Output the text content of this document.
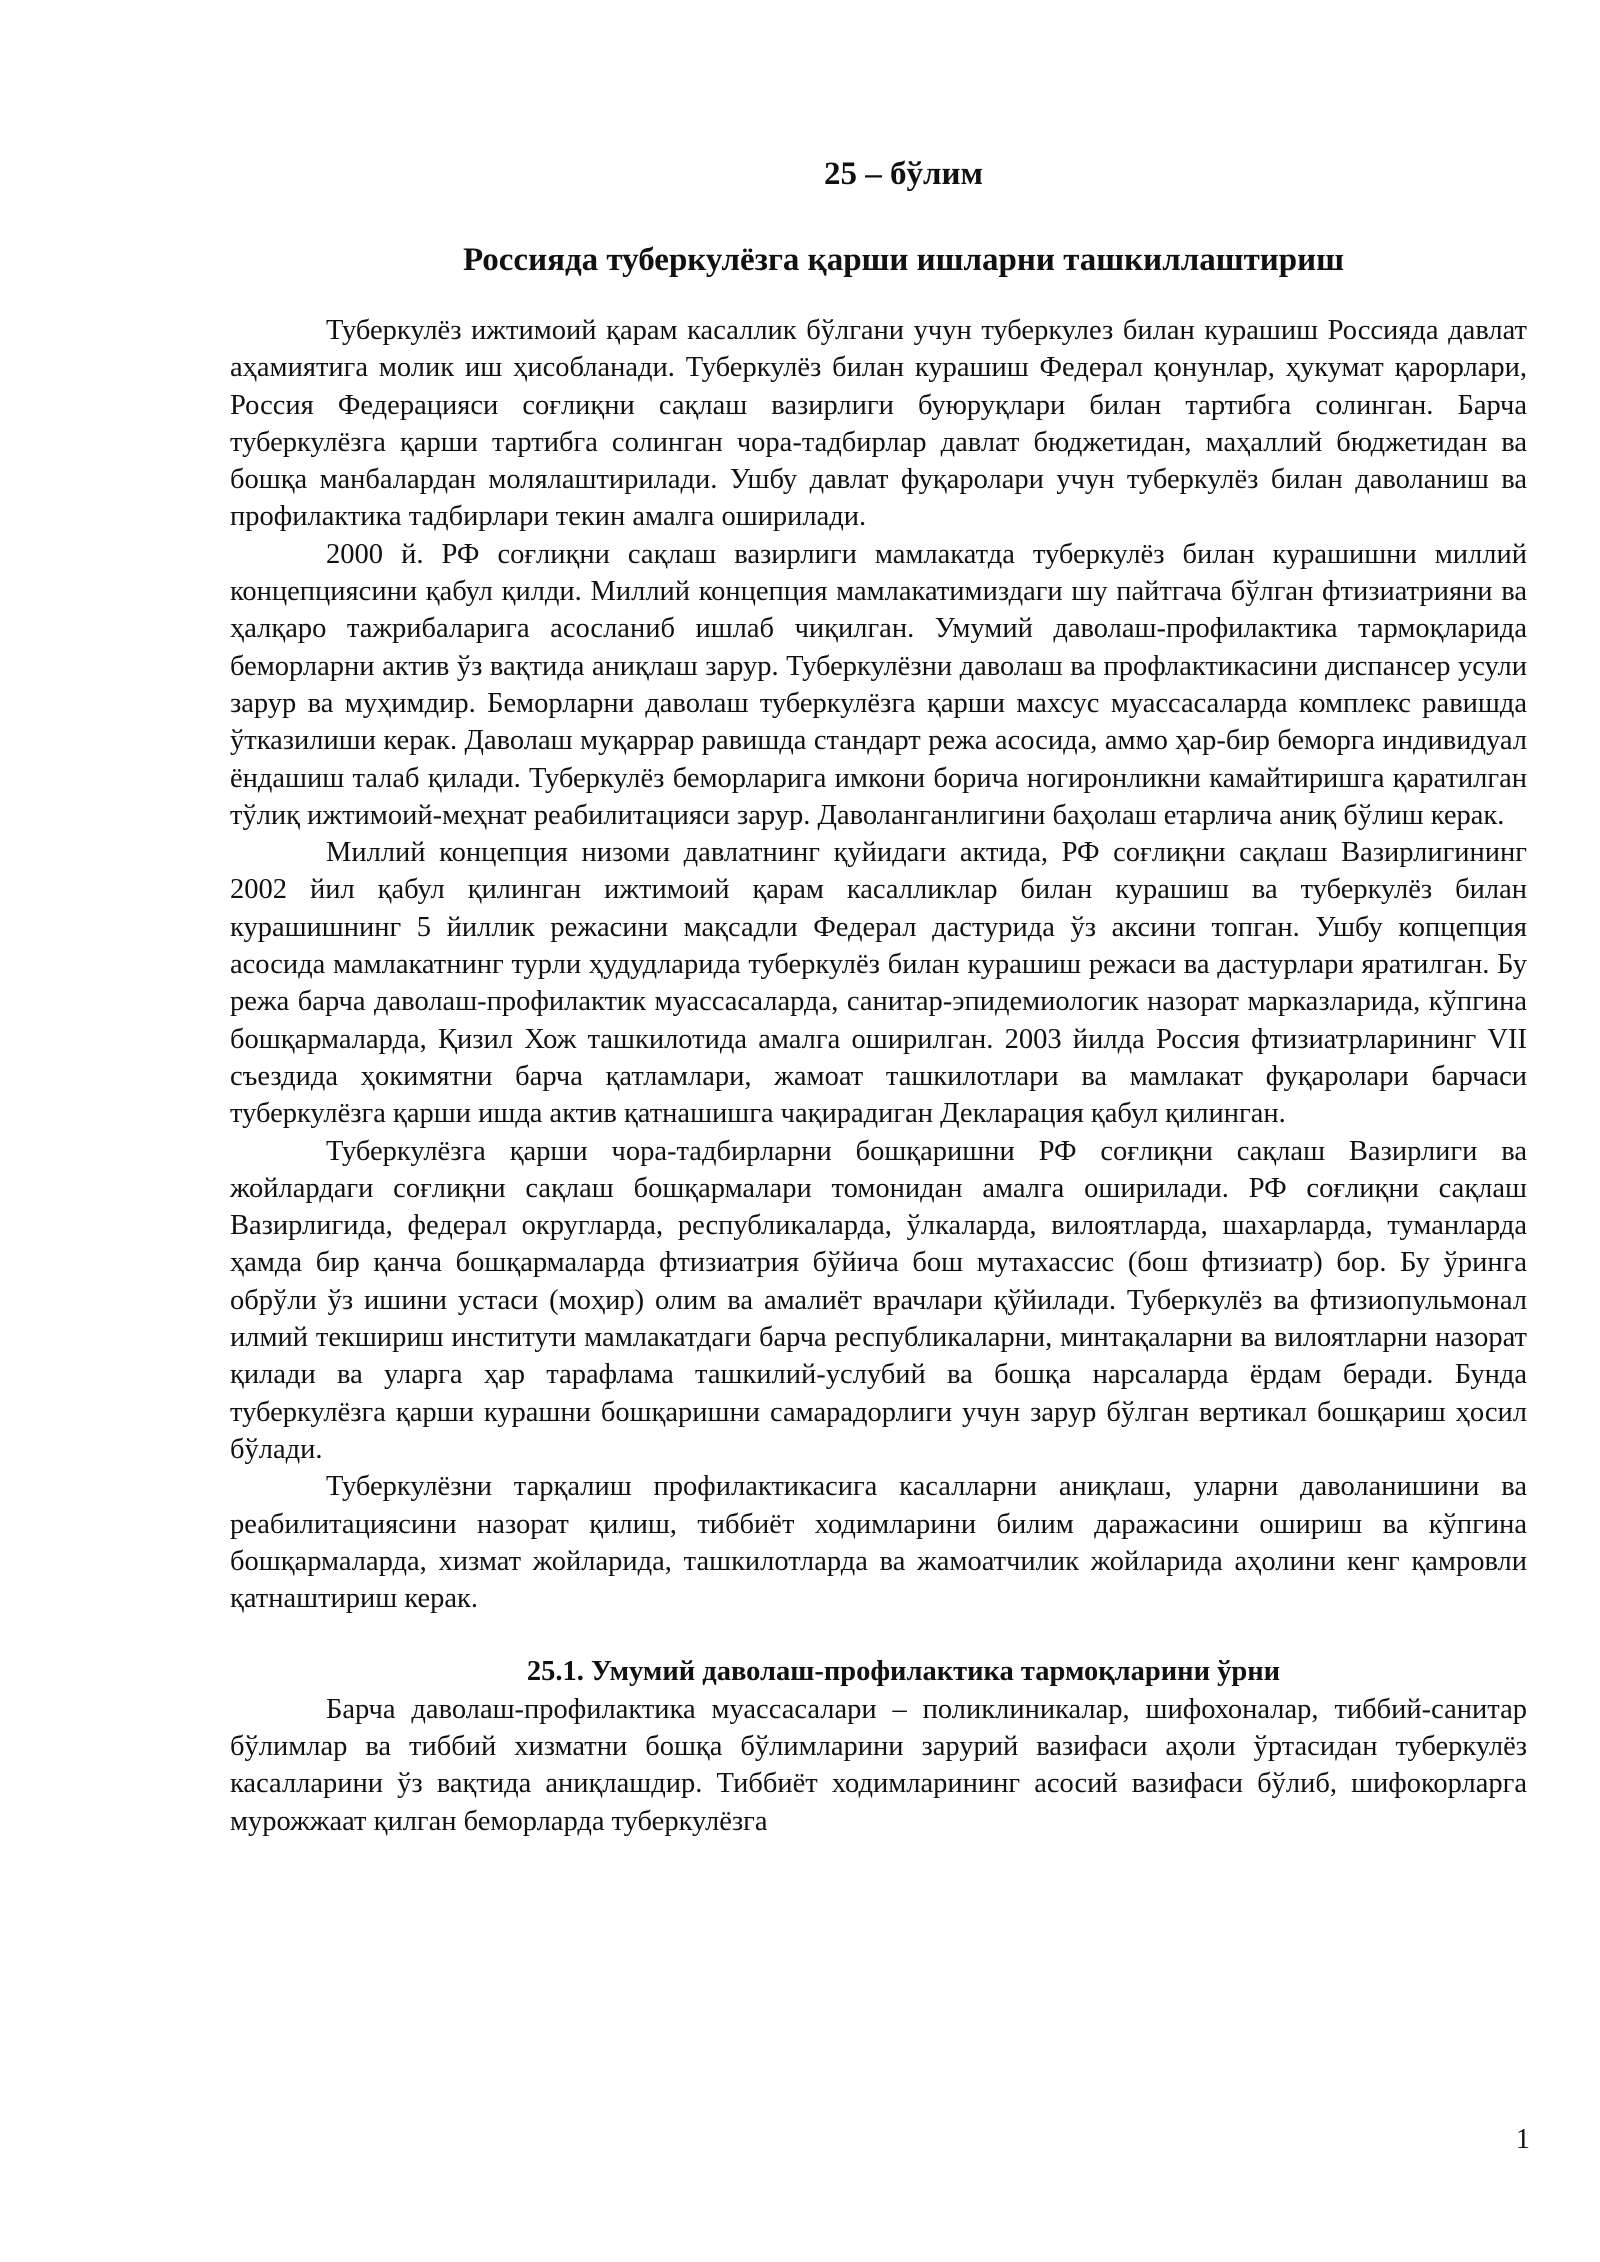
25 – бўлим
Россияда туберкулёзга қарши ишларни ташкиллаштириш

Туберкулёз ижтимоий қарам касаллик бўлгани учун туберкулез билан курашиш Россияда давлат аҳамиятига молик иш ҳисобланади. Туберкулёз билан курашиш Федерал қонунлар, ҳукумат қарорлари, Россия Федерацияси соғлиқни сақлаш вазирлиги буюруқлари билан тартибга солинган. Барча туберкулёзга қарши тартибга солинган чора-тадбирлар давлат бюджетидан, маҳаллий бюджетидан ва бошқа манбалардан молялаштирилади. Ушбу давлат фуқаролари учун туберкулёз билан даволаниш ва профилактика тадбирлари текин амалга оширилади.

2000 й. РФ соғлиқни сақлаш вазирлиги мамлакатда туберкулёз билан курашишни миллий концепциясини қабул қилди. Миллий концепция мамлакатимиздаги шу пайтгача бўлган фтизиатрияни ва ҳалқаро тажрибаларига асосланиб ишлаб чиқилган. Умумий даволаш-профилактика тармоқларида беморларни актив ўз вақтида аниқлаш зарур. Туберкулёзни даволаш ва профлактикасини диспансер усули зарур ва муҳимдир. Беморларни даволаш туберкулёзга қарши махсус муассасаларда комплекс равишда ўтказилиши керак. Даволаш муқаррар равишда стандарт режа асосида, аммо ҳар-бир беморга индивидуал ёндашиш талаб қилади. Туберкулёз беморларига имкони борича ногиронликни камайтиришга қаратилган тўлиқ ижтимоий-меҳнат реабилитацияси зарур. Даволанганлигини баҳолаш етарлича аниқ бўлиш керак.

Миллий концепция низоми давлатнинг қуйидаги актида, РФ соғлиқни сақлаш Вазирлигининг 2002 йил қабул қилинган ижтимоий қарам касалликлар билан курашиш ва туберкулёз билан курашишнинг 5 йиллик режасини мақсадли Федерал дастурида ўз аксини топган. Ушбу копцепция асосида мамлакатнинг турли ҳудудларида туберкулёз билан курашиш режаси ва дастурлари яратилган. Бу режа барча даволаш-профилактик муассасаларда, санитар-эпидемиологик назорат марказларида, кўпгина бошқармаларда, Қизил Хож ташкилотида амалга оширилган. 2003 йилда Россия фтизиатрларининг VII съездида ҳокимятни барча қатламлари, жамоат ташкилотлари ва мамлакат фуқаролари барчаси туберкулёзга қарши ишда актив қатнашишга чақирадиган Декларация қабул қилинган.

Туберкулёзга қарши чора-тадбирларни бошқаришни РФ соғлиқни сақлаш Вазирлиги ва жойлардаги соғлиқни сақлаш бошқармалари томонидан амалга оширилади. РФ соғлиқни сақлаш Вазирлигида, федерал округларда, республикаларда, ўлкаларда, вилоятларда, шахарларда, туманларда ҳамда бир қанча бошқармаларда фтизиатрия бўйича бош мутахассис (бош фтизиатр) бор. Бу ўринга обрўли ўз ишини устаси (моҳир) олим ва амалиёт врачлари қўйилади. Туберкулёз ва фтизиопульмонал илмий текшириш институти мамлакатдаги барча республикаларни, минтақаларни ва вилоятларни назорат қилади ва уларга ҳар тарафлама ташкилий-услубий ва бошқа нарсаларда ёрдам беради. Бунда туберкулёзга қарши курашни бошқаришни самарадорлиги учун зарур бўлган вертикал бошқариш ҳосил бўлади.

Туберкулёзни тарқалиш профилактикасига касалларни аниқлаш, уларни даволанишини ва реабилитациясини назорат қилиш, тиббиёт ходимларини билим даражасини ошириш ва кўпгина бошқармаларда, хизмат жойларида, ташкилотларда ва жамоатчилик жойларида аҳолини кенг қамровли қатнаштириш керак.

25.1. Умумий даволаш-профилактика тармоқларини ўрни

Барча даволаш-профилактика муассасалари – поликлиникалар, шифохоналар, тиббий-санитар бўлимлар ва тиббий хизматни бошқа бўлимларини зарурий вазифаси аҳоли ўртасидан туберкулёз касалларини ўз вақтида аниқлашдир. Тиббиёт ходимларининг асосий вазифаси бўлиб, шифокорларга мурожжаат қилган беморларда туберкулёзга

1
